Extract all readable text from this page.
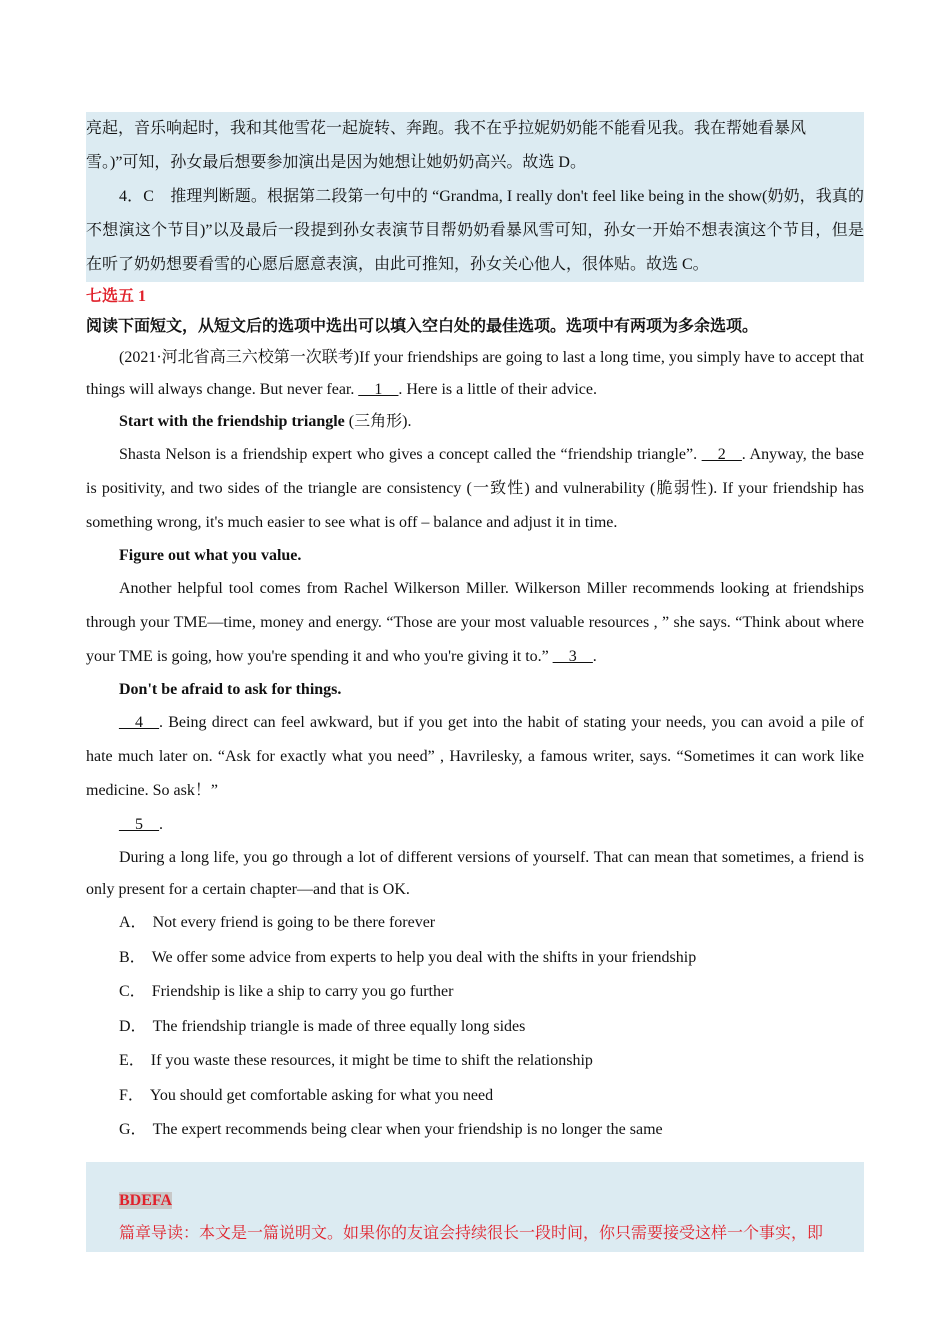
亮起，音乐响起时，我和其他雪花一起旋转、奔跑。我不在乎拉妮奶奶能不能看见我。我在帮她看暴风

雪。)”可知，孙女最后想要参加演出是因为她想让她奶奶高兴。故选 D。

4．C 推理判断题。根据第二段第一句中的 “Grandma, I really don't feel like being in the show(奶奶，我真的不想演这个节目)”以及最后一段提到孙女表演节目帮奶奶看暴风雪可知，孙女一开始不想表演这个节目，但是在听了奶奶想要看雪的心愿后愿意表演，由此可推知，孙女关心他人，很体贴。故选 C。

七选五 1

阅读下面短文，从短文后的选项中选出可以填入空白处的最佳选项。选项中有两项为多余选项。

(2021·河北省高三六校第一次联考)If your friendships are going to last a long time, you simply have to accept that things will always change. But never fear. __1__. Here is a little of their advice.

Start with the friendship triangle (三角形).

Shasta Nelson is a friendship expert who gives a concept called the “friendship triangle”. __2__. Anyway, the base is positivity, and two sides of the triangle are consistency (一致性) and vulnerability (脆弱性). If your friendship has something wrong, it's much easier to see what is off – balance and adjust it in time.

Figure out what you value.

Another helpful tool comes from Rachel Wilkerson Miller. Wilkerson Miller recommends looking at friendships through your TME—time, money and energy. “Those are your most valuable resources , ” she says. “Think about where your TME is going, how you're spending it and who you're giving it to.” __3__.

Don't be afraid to ask for things.

__4__. Being direct can feel awkward, but if you get into the habit of stating your needs, you can avoid a pile of hate much later on. “Ask for exactly what you need” , Havrilesky, a famous writer, says. “Sometimes it can work like medicine. So ask！”

__5__.

During a long life, you go through a lot of different versions of yourself. That can mean that sometimes, a friend is only present for a certain chapter—and that is OK.

A． Not every friend is going to be there forever

B． We offer some advice from experts to help you deal with the shifts in your friendship

C． Friendship is like a ship to carry you go further

D． The friendship triangle is made of three equally long sides

E． If you waste these resources, it might be time to shift the relationship

F． You should get comfortable asking for what you need

G． The expert recommends being clear when your friendship is no longer the same

BDEFA

篇章导读：本文是一篇说明文。如果你的友谊会持续很长一段时间，你只需要接受这样一个事实，即
